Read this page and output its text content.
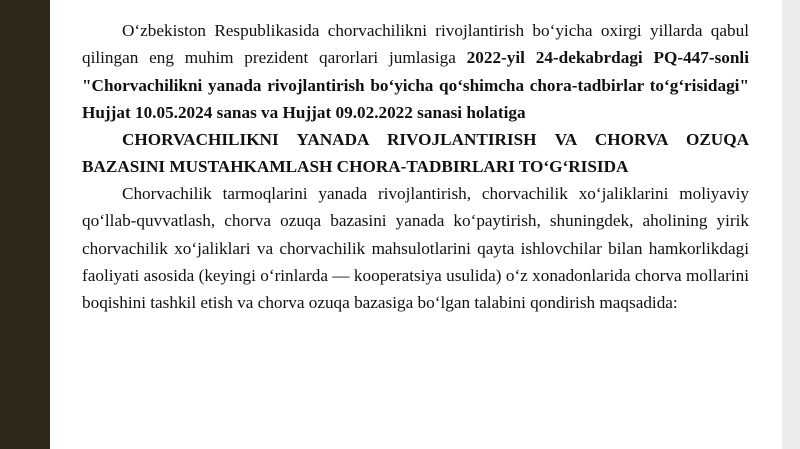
O‘zbekiston Respublikasida chorvachilikni rivojlantirish bo‘yicha oxirgi yillarda qabul qilingan eng muhim prezident qarorlari jumlasiga 2022-yil 24-dekabrdagi PQ-447-sonli "Chorvachilikni yanada rivojlantirish bo‘yicha qo‘shimcha chora-tadbirlar to‘g‘risidagi" Hujjat 10.05.2024 sanas va Hujjat 09.02.2022 sanasi holatiga

CHORVACHILIKNI YANADA RIVOJLANTIRISH VA CHORVA OZUQA BAZASINI MUSTAHKAMLASH CHORA-TADBIRLARI TO‘G‘RISIDA

Chorvachilik tarmoqlarini yanada rivojlantirish, chorvachilik xo‘jaliklarini moliyaviy qo‘llab-quvvatlash, chorva ozuqa bazasini yanada ko‘paytirish, shuningdek, aholining yirik chorvachilik xo‘jaliklari va chorvachilik mahsulotlarini qayta ishlovchilar bilan hamkorlikdagi faoliyati asosida (keyingi o‘rinlarda — kooperatsiya usulida) o‘z xonadonlarida chorva mollarini boqishini tashkil etish va chorva ozuqa bazasiga bo‘lgan talabini qondirish maqsadida:
